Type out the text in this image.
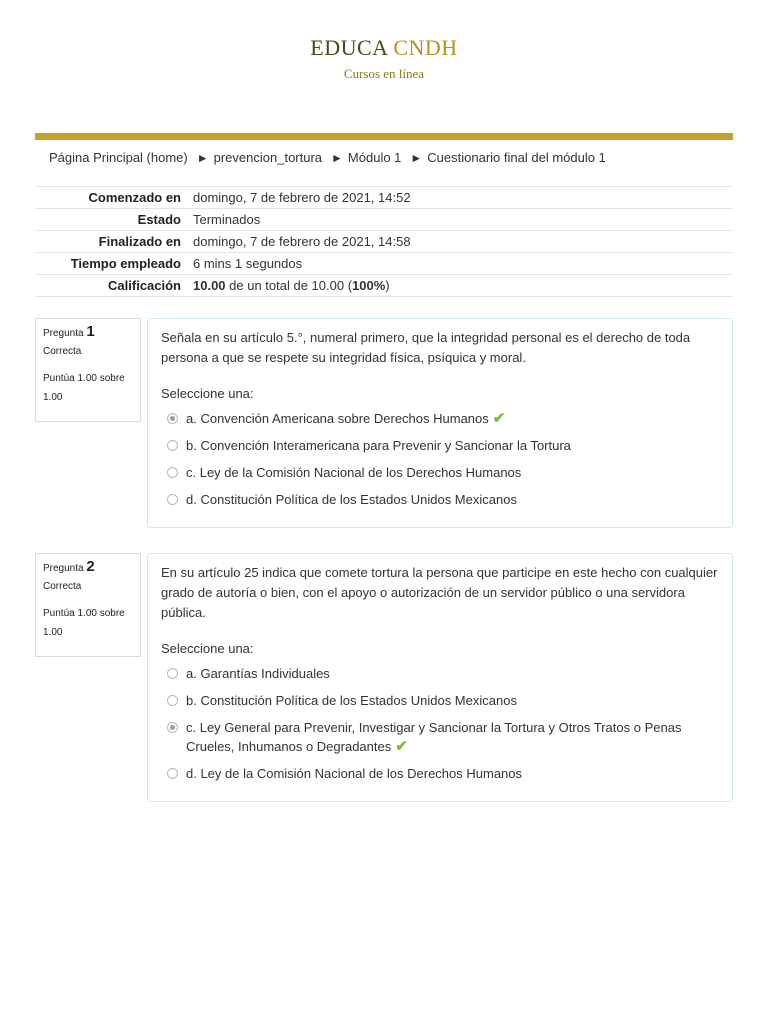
EDUCA CNDH
Cursos en línea
Página Principal (home) ► prevencion_tortura ► Módulo 1 ► Cuestionario final del módulo 1
Comenzado en	domingo, 7 de febrero de 2021, 14:52
Estado	Terminados
Finalizado en	domingo, 7 de febrero de 2021, 14:58
Tiempo empleado	6 mins 1 segundos
Calificación	10.00 de un total de 10.00 (100%)
Pregunta 1
Correcta
Puntúa 1.00 sobre 1.00
Señala en su artículo 5.°, numeral primero, que la integridad personal es el derecho de toda persona a que se respete su integridad física, psíquica y moral.
Seleccione una:
a. Convención Americana sobre Derechos Humanos ✔
b. Convención Interamericana para Prevenir y Sancionar la Tortura
c. Ley de la Comisión Nacional de los Derechos Humanos
d. Constitución Política de los Estados Unidos Mexicanos
Pregunta 2
Correcta
Puntúa 1.00 sobre 1.00
En su artículo 25 indica que comete tortura la persona que participe en este hecho con cualquier grado de autoría o bien, con el apoyo o autorización de un servidor público o una servidora pública.
Seleccione una:
a. Garantías Individuales
b. Constitución Política de los Estados Unidos Mexicanos
c. Ley General para Prevenir, Investigar y Sancionar la Tortura y Otros Tratos o Penas Crueles, Inhumanos o Degradantes ✔
d. Ley de la Comisión Nacional de los Derechos Humanos
